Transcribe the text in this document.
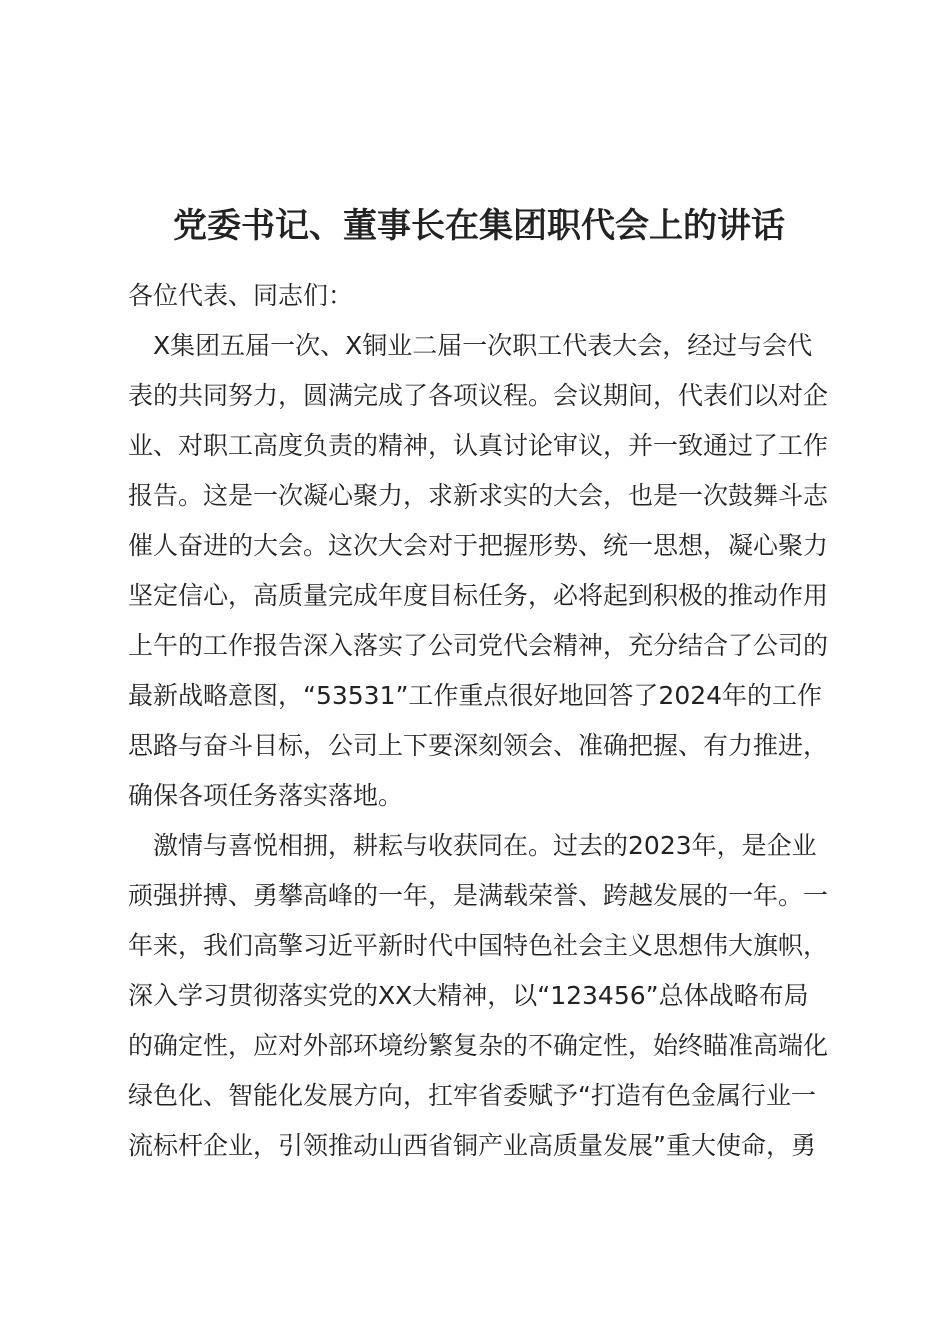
党委书记、董事长在集团职代会上的讲话

各位代表、同志们：

　X集团五届一次、X铜业二届一次职工代表大会，经过与会代

表的共同努力，圆满完成了各项议程。会议期间，代表们以对企

业、对职工高度负责的精神，认真讨论审议，并一致通过了工作

报告。这是一次凝心聚力，求新求实的大会，也是一次鼓舞斗志

催人奋进的大会。这次大会对于把握形势、统一思想，凝心聚力

坚定信心，高质量完成年度目标任务，必将起到积极的推动作用

上午的工作报告深入落实了公司党代会精神，充分结合了公司的

最新战略意图，“53531”工作重点很好地回答了2024年的工作

思路与奋斗目标，公司上下要深刻领会、准确把握、有力推进，

确保各项任务落实落地。

　激情与喜悦相拥，耕耘与收获同在。过去的2023年，是企业

顽强拼搏、勇攀高峰的一年，是满载荣誉、跨越发展的一年。一

年来，我们高擎习近平新时代中国特色社会主义思想伟大旗帜，

深入学习贯彻落实党的XX大精神，以“123456”总体战略布局

的确定性，应对外部环境纷繁复杂的不确定性，始终瞄准高端化

绿色化、智能化发展方向，扛牢省委赋予“打造有色金属行业一

流标杆企业，引领推动山西省铜产业高质量发展”重大使命，勇
